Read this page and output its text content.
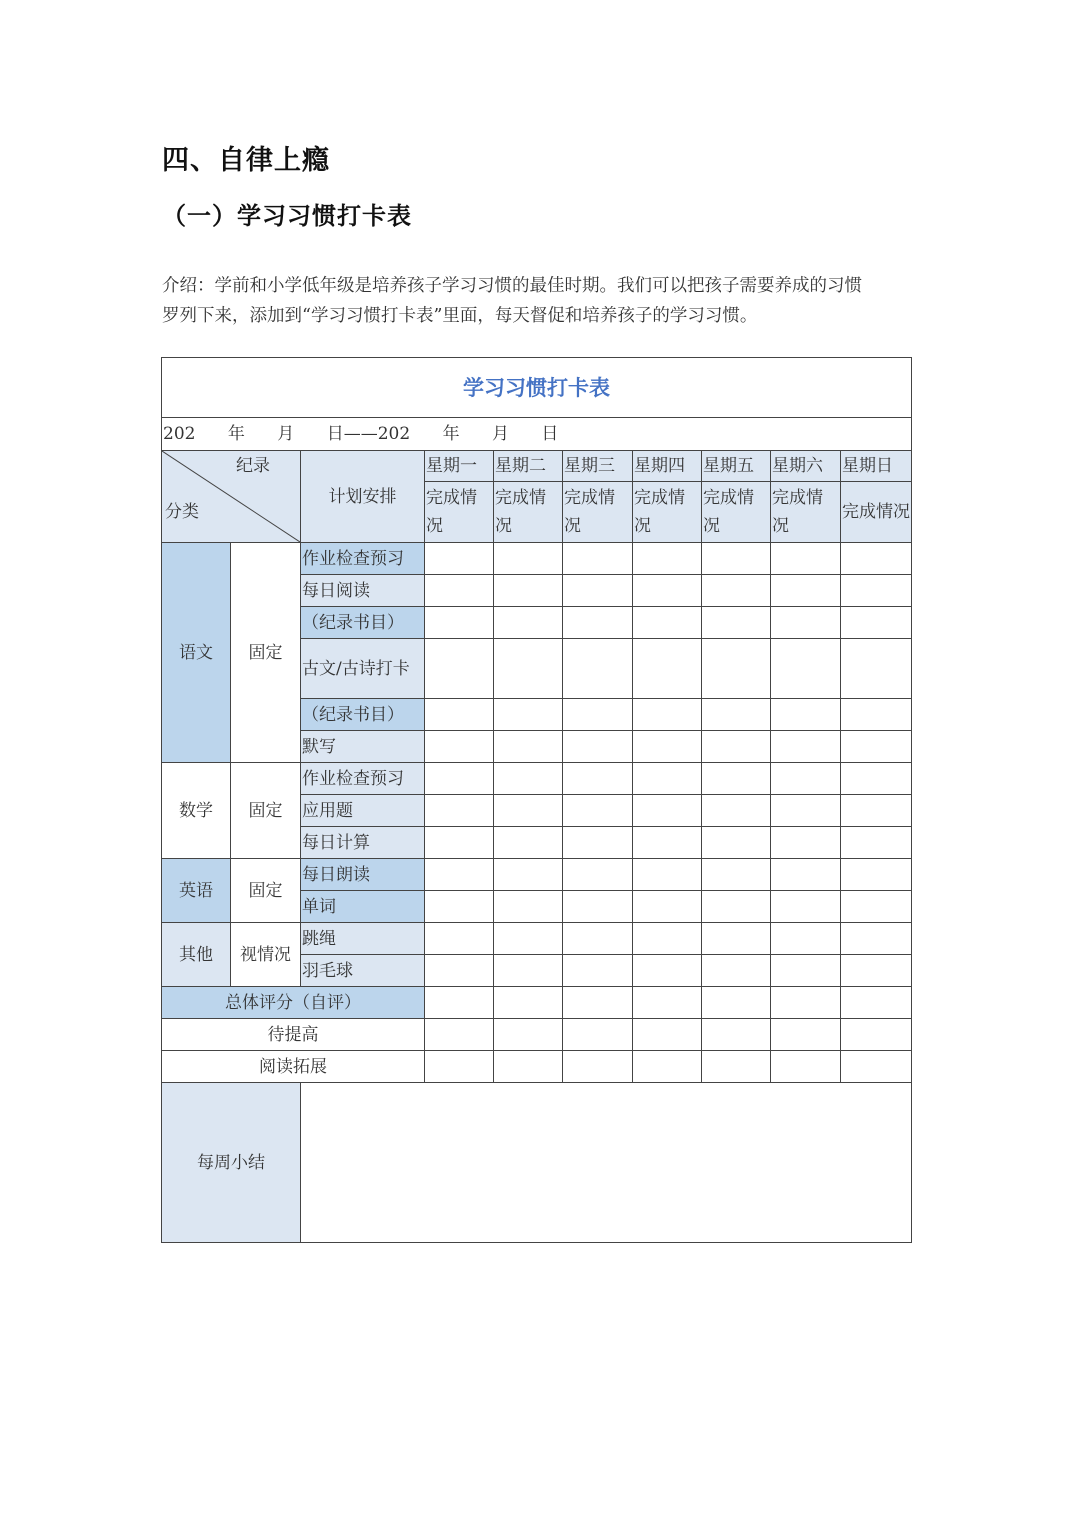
四、自律上瘾
（一）学习习惯打卡表

介绍：学前和小学低年级是培养孩子学习习惯的最佳时期。我们可以把孩子需要养成的习惯
罗列下来，添加到“学习习惯打卡表”里面，每天督促和培养孩子的学习习惯。

学习习惯打卡表									
202      年      月      日——202      年      月      日									

纪录
分类		计划安排	星期一	星期二	星期三	星期四	星期五	星期六	星期日
			完成情况	完成情况	完成情况	完成情况	完成情况	完成情况	完成情况
语文	固定	作业检查预习							
		每日阅读							
		（纪录书目）							
		古文/古诗打卡							
		（纪录书目）							
		默写							
数学	固定	作业检查预习							
		应用题							
		每日计算							
英语	固定	每日朗读							
		单词							
其他	视情况	跳绳							
		羽毛球							
总体评分（自评）									
待提高									
阅读拓展									
每周小结									
